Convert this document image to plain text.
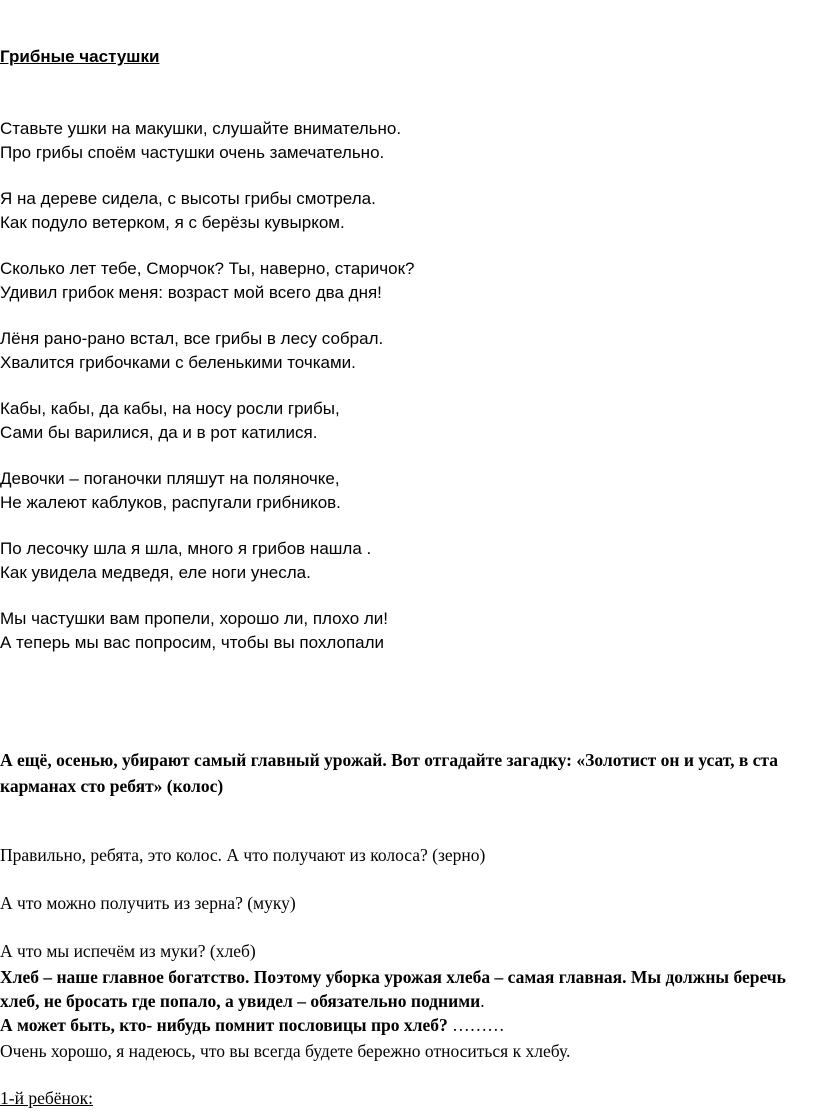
Грибные частушки
Ставьте ушки на макушки, слушайте внимательно.
Про грибы споём частушки очень замечательно.
Я на дереве сидела, с высоты грибы смотрела.
Как подуло ветерком, я с берёзы кувырком.
Сколько лет тебе, Сморчок? Ты, наверно, старичок?
Удивил грибок меня: возраст мой всего два дня!
Лёня рано-рано встал, все грибы в лесу собрал.
Хвалится грибочками с беленькими точками.
Кабы, кабы, да кабы, на носу росли грибы,
Сами бы варилися, да и в рот катилися.
Девочки – поганочки пляшут на поляночке,
Не жалеют каблуков, распугали грибников.
По лесочку шла я шла, много я грибов нашла .
Как увидела медведя, еле ноги унесла.
Мы частушки вам пропели, хорошо ли, плохо ли!
А теперь мы вас попросим, чтобы вы похлопали
А ещё, осенью, убирают самый главный урожай. Вот отгадайте загадку: «Золотист он и усат, в ста карманах сто ребят» (колос)
Правильно, ребята, это колос. А что получают из колоса? (зерно)
А что можно получить из зерна? (муку)
А что мы испечём из муки? (хлеб)
Хлеб – наше главное богатство. Поэтому уборка урожая хлеба – самая главная. Мы должны беречь хлеб, не бросать где попало, а увидел – обязательно подними.
А может быть, кто- нибудь помнит пословицы про хлеб? ………
Очень хорошо, я надеюсь, что вы всегда будете бережно относиться к хлебу.
1-й ребёнок:
